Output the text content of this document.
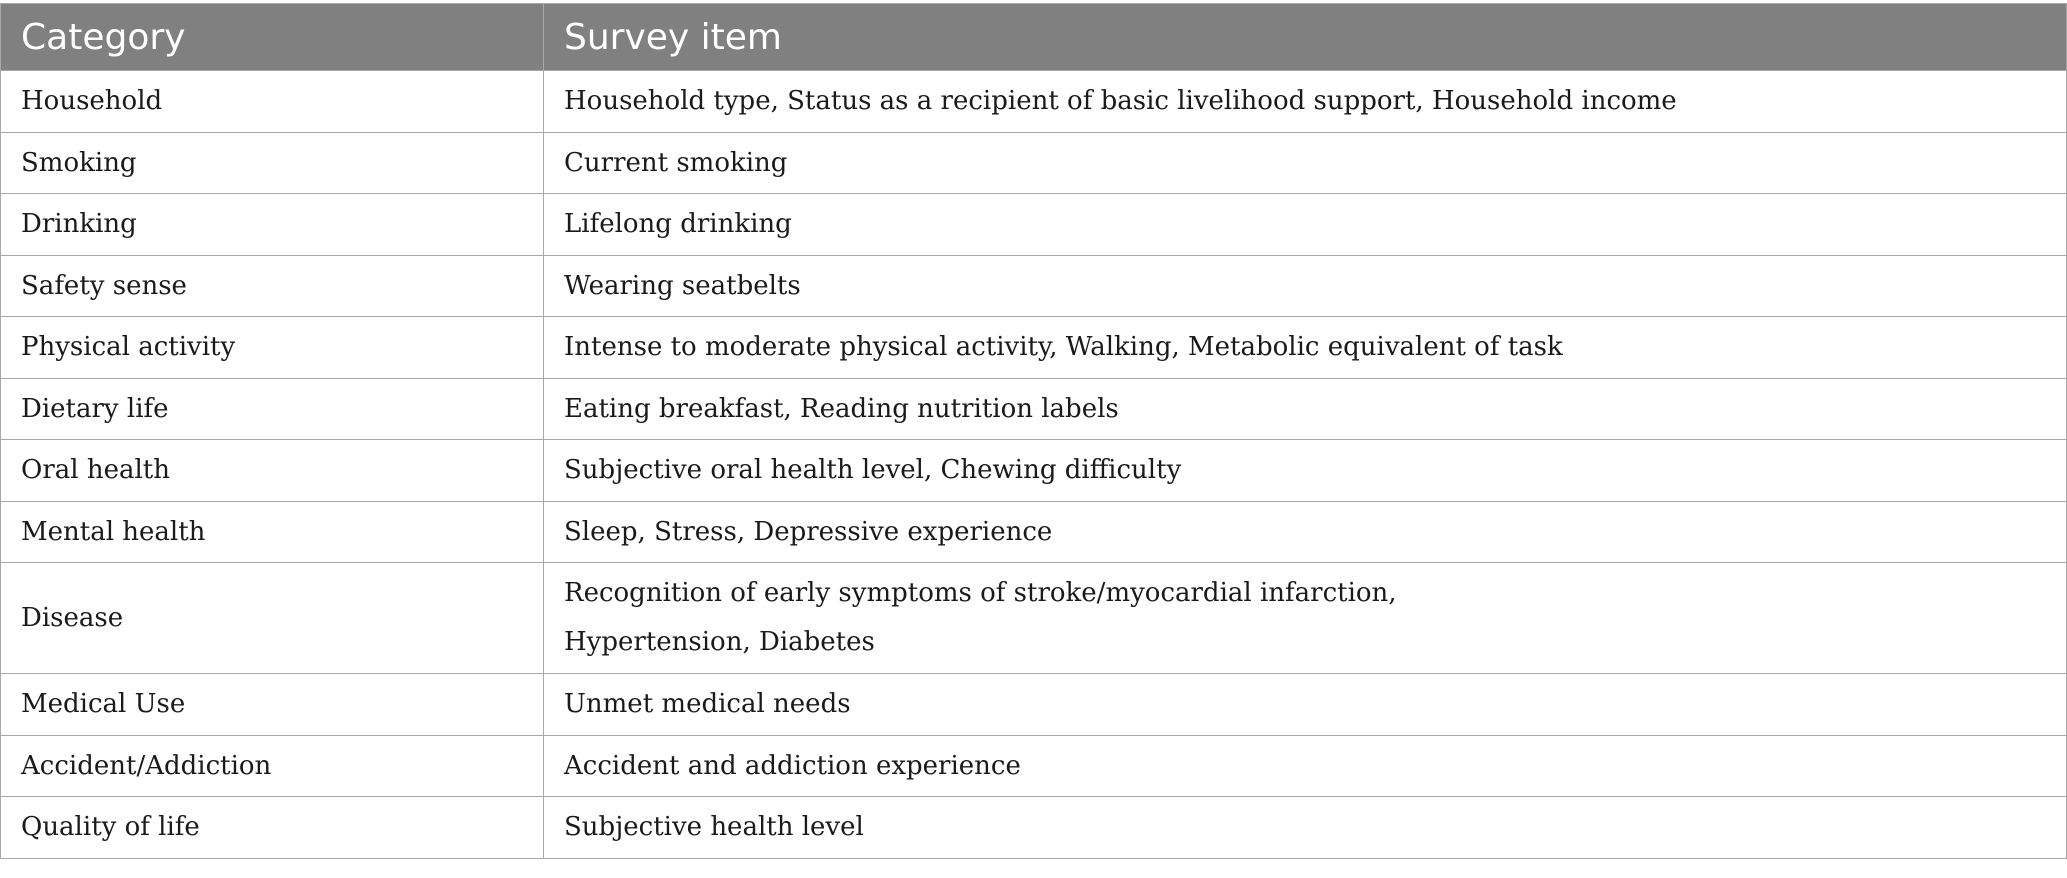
Category	Survey item
Household	Household type, Status as a recipient of basic livelihood support, Household income
Smoking	Current smoking
Drinking	Lifelong drinking
Safety sense	Wearing seatbelts
Physical activity	Intense to moderate physical activity, Walking, Metabolic equivalent of task
Dietary life	Eating breakfast, Reading nutrition labels
Oral health	Subjective oral health level, Chewing difficulty
Mental health	Sleep, Stress, Depressive experience
Disease	Recognition of early symptoms of stroke/myocardial infarction,
Hypertension, Diabetes

Medical Use	Unmet medical needs
Accident/Addiction	Accident and addiction experience
Quality of life	Subjective health level
